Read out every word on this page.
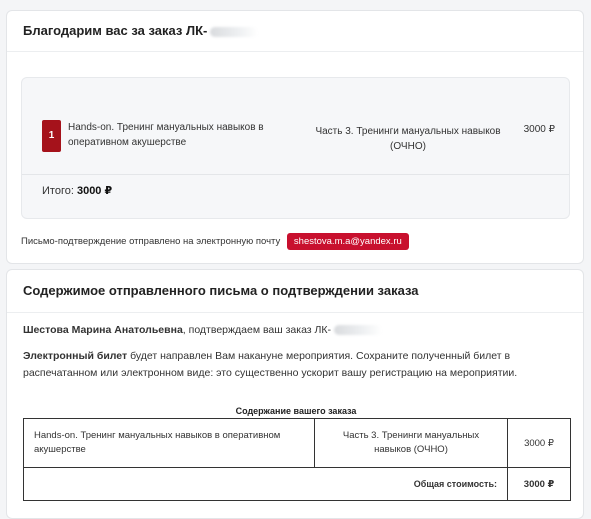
Благодарим вас за заказ ЛК-
1
Hands-on. Тренинг мануальных навыков в оперативном акушерстве
Часть 3. Тренинги мануальных навыков (ОЧНО)
3000 ₽
Итого: 3000 ₽
Письмо-подтверждение отправлено на электронную почту shestova.m.a@yandex.ru
Содержимое отправленного письма о подтверждении заказа
Шестова Марина Анатольевна, подтверждаем ваш заказ ЛК-
Электронный билет будет направлен Вам накануне мероприятия. Сохраните полученный билет в распечатанном или электронном виде: это существенно ускорит вашу регистрацию на мероприятии.
Содержание вашего заказа
Hands-on. Тренинг мануальных навыков в оперативном акушерстве	Часть 3. Тренинги мануальных навыков (ОЧНО)	3000 ₽
Общая стоимость:		3000 ₽
